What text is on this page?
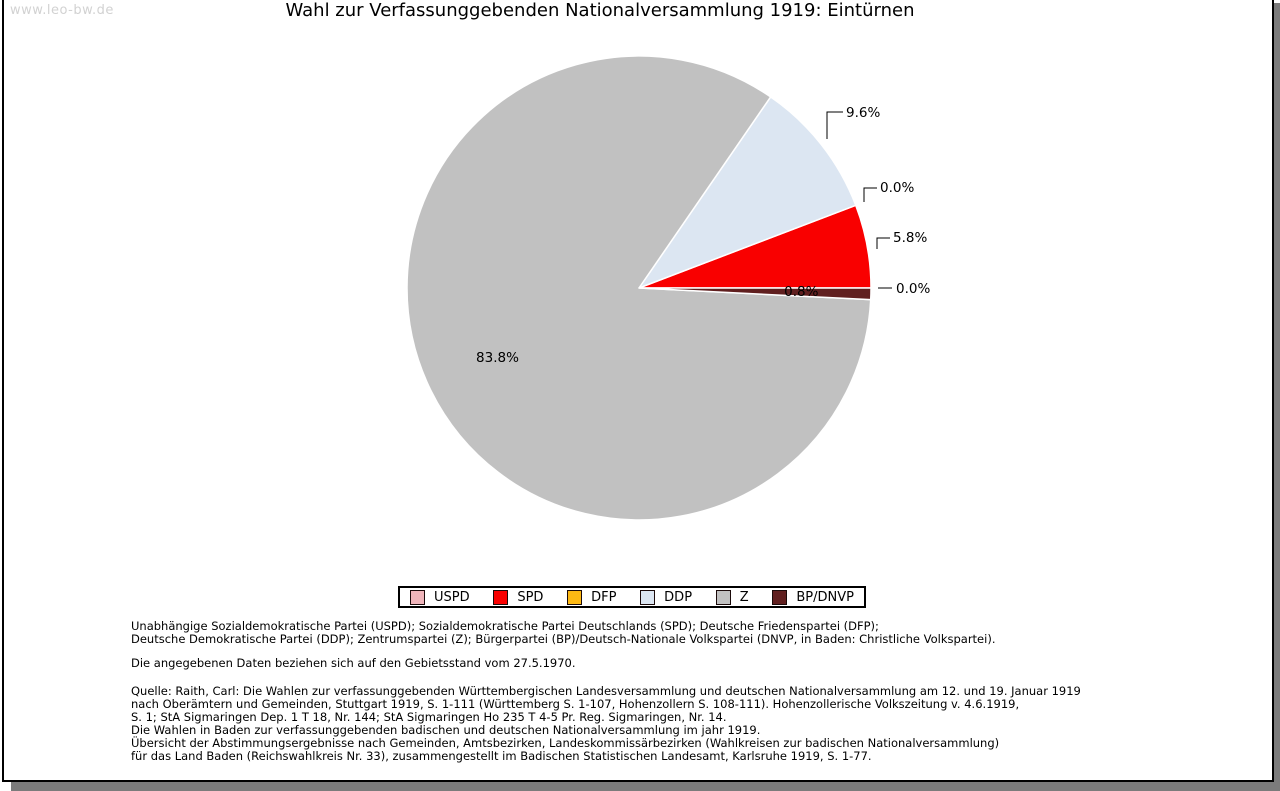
www.leo-bw.de	Wahl zur Verfassunggebenden Nationalversammlung 1919: Eintürnen
0.0%
5.8%
0.0%
9.6%
83.8%
0.8%
USPD	SPD	DFP	DDP	Z	BP/DNVP
Unabhängige Sozialdemokratische Partei (USPD); Sozialdemokratische Partei Deutschlands (SPD); Deutsche Friedenspartei (DFP);
Deutsche Demokratische Partei (DDP); Zentrumspartei (Z); Bürgerpartei (BP)/Deutsch-Nationale Volkspartei (DNVP, in Baden: Christliche Volkspartei).
Die angegebenen Daten beziehen sich auf den Gebietsstand vom 27.5.1970.
Quelle: Raith, Carl: Die Wahlen zur verfassunggebenden Württembergischen Landesversammlung und deutschen Nationalversammlung am 12. und 19. Januar 1919
nach Oberämtern und Gemeinden, Stuttgart 1919, S. 1-111 (Württemberg S. 1-107, Hohenzollern S. 108-111). Hohenzollerische Volkszeitung v. 4.6.1919,
S. 1; StA Sigmaringen Dep. 1 T 18, Nr. 144; StA Sigmaringen Ho 235 T 4-5 Pr. Reg. Sigmaringen, Nr. 14.
Die Wahlen in Baden zur verfassunggebenden badischen und deutschen Nationalversammlung im jahr 1919.
Übersicht der Abstimmungsergebnisse nach Gemeinden, Amtsbezirken, Landeskommissärbezirken (Wahlkreisen zur badischen Nationalversammlung)
für das Land Baden (Reichswahlkreis Nr. 33), zusammengestellt im Badischen Statistischen Landesamt, Karlsruhe 1919, S. 1-77.
